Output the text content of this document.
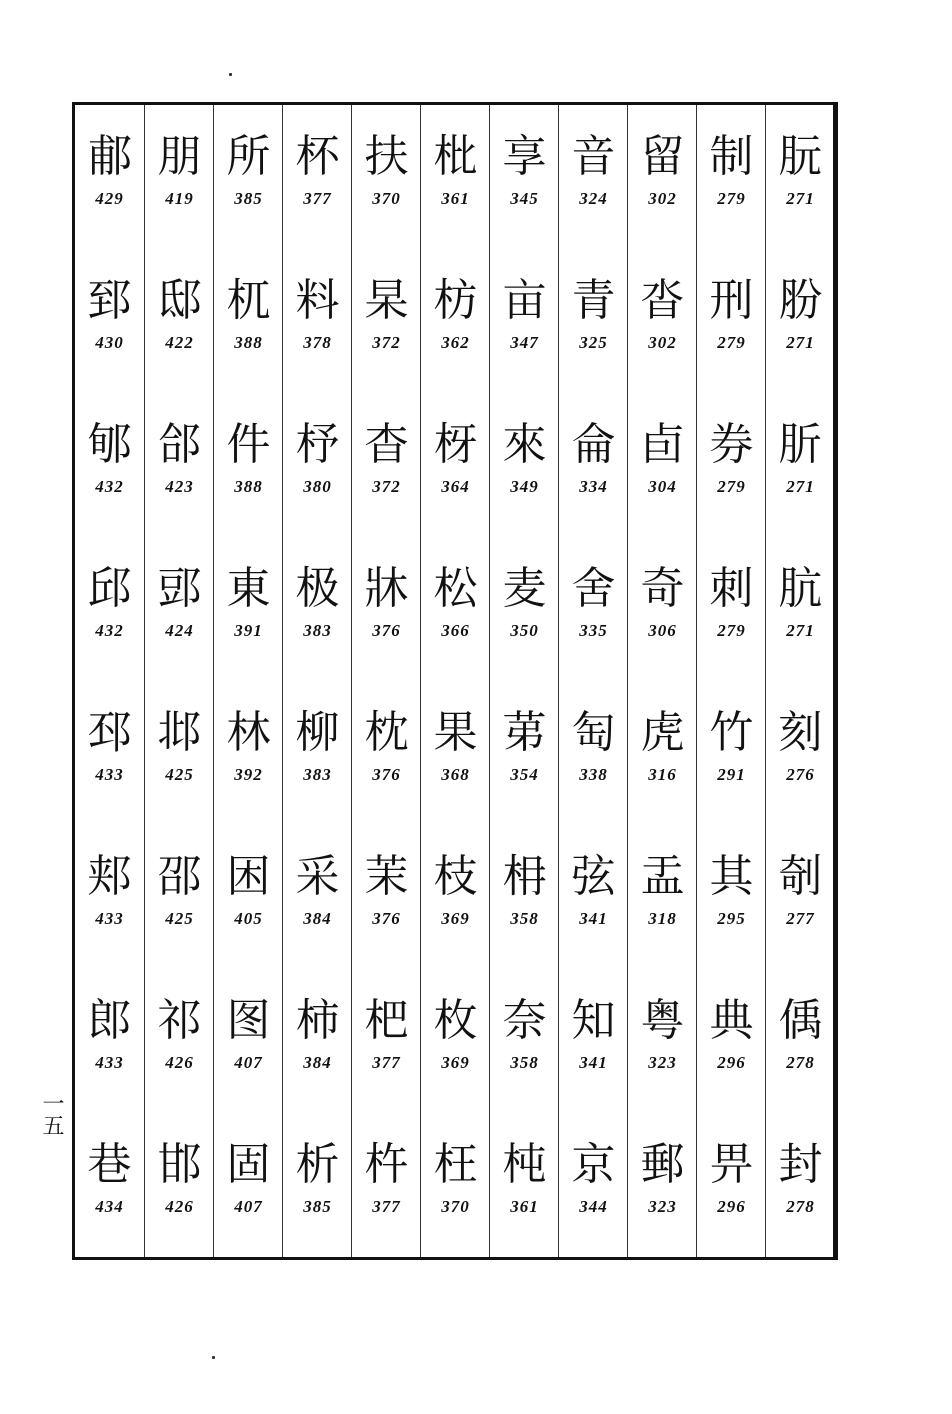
郙
429
郅
430
郇
432
邱
432
邳
433
郏
433
郎
433
巷
434
朋
419
邸
422
郃
423
郖
424
邶
425
邵
425
祁
426
邯
426
所
385
杌
388
件
388
東
391
林
392
困
405
图
407
固
407
杯
377
料
378
杼
380
极
383
柳
383
采
384
柿
384
析
385
扶
370
杲
372
杳
372
牀
376
枕
376
茉
376
杷
377
杵
377
枇
361
枋
362
枒
364
松
366
果
368
枝
369
枚
369
枉
370
享
345
亩
347
來
349
麦
350
苐
354
枏
358
奈
358
杶
361
音
324
青
325
侖
334
舍
335
匋
338
弦
341
知
341
京
344
留
302
沓
302
卣
304
奇
306
虎
316
盂
318
粤
323
郵
323
制
279
刑
279
券
279
刺
279
竹
291
其
295
典
296
畀
296
朊
271
肦
271
肵
271
肮
271
刻
276
剞
277
偊
278
封
278
一五
